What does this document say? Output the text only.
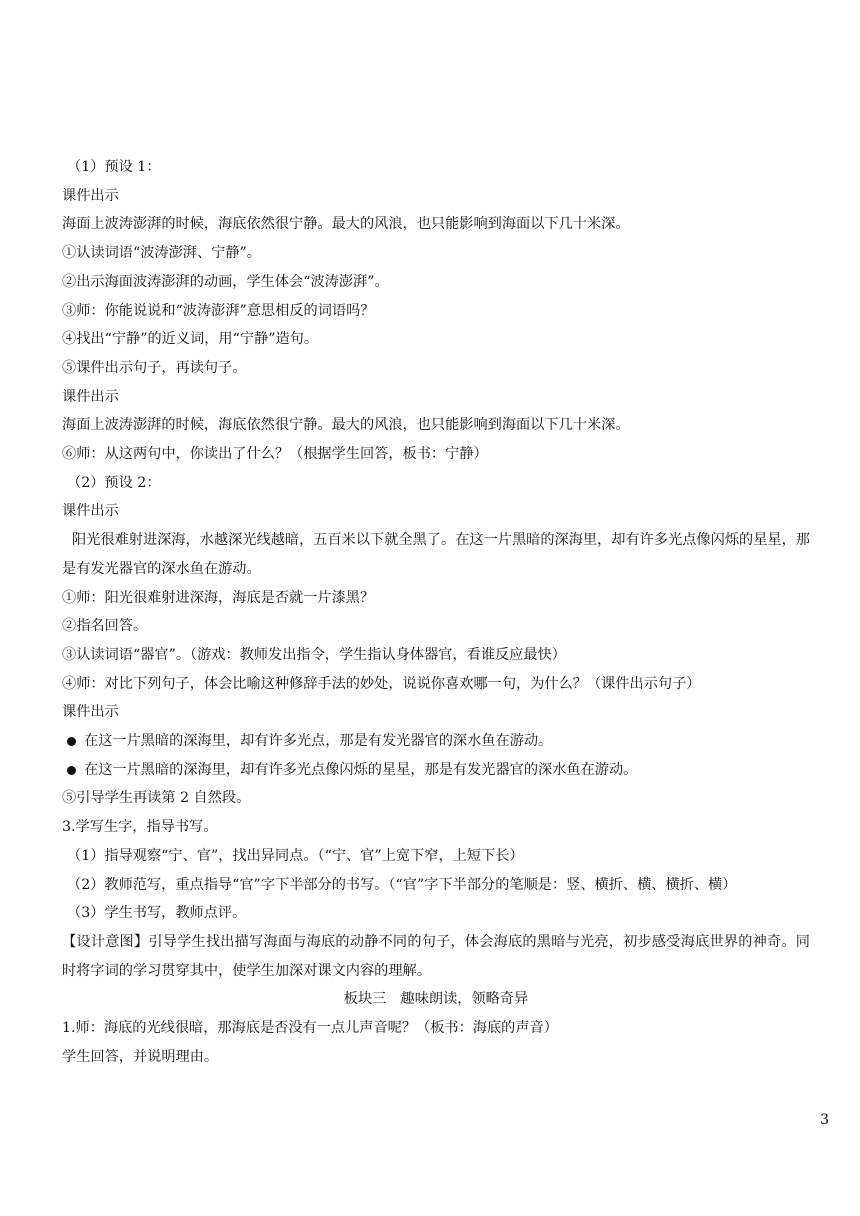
（1）预设 1：
课件出示
海面上波涛澎湃的时候，海底依然很宁静。最大的风浪，也只能影响到海面以下几十米深。
①认读词语“波涛澎湃、宁静”。
②出示海面波涛澎湃的动画，学生体会“波涛澎湃”。
③师：你能说说和“波涛澎湃”意思相反的词语吗？
④找出“宁静”的近义词，用“宁静”造句。
⑤课件出示句子，再读句子。
课件出示
海面上波涛澎湃的时候，海底依然很宁静。最大的风浪，也只能影响到海面以下几十米深。
⑥师：从这两句中，你读出了什么？（根据学生回答，板书：宁静）
（2）预设 2：
课件出示
阳光很难射进深海，水越深光线越暗，五百米以下就全黑了。在这一片黑暗的深海里，却有许多光点像闪烁的星星，那是有发光器官的深水鱼在游动。
①师：阳光很难射进深海，海底是否就一片漆黑？
②指名回答。
③认读词语“器官”。（游戏：教师发出指令，学生指认身体器官，看谁反应最快）
④师：对比下列句子，体会比喻这种修辞手法的妙处，说说你喜欢哪一句，为什么？（课件出示句子）
课件出示
在这一片黑暗的深海里，却有许多光点，那是有发光器官的深水鱼在游动。
在这一片黑暗的深海里，却有许多光点像闪烁的星星，那是有发光器官的深水鱼在游动。
⑤引导学生再读第 2 自然段。
3.学写生字，指导书写。
（1）指导观察“宁、官”，找出异同点。（“宁、官”上宽下窄，上短下长）
（2）教师范写，重点指导“官”字下半部分的书写。（“官”字下半部分的笔顺是：竖、横折、横、横折、横）
（3）学生书写，教师点评。
【设计意图】引导学生找出描写海面与海底的动静不同的句子，体会海底的黑暗与光亮，初步感受海底世界的神奇。同时将字词的学习贯穿其中，使学生加深对课文内容的理解。
板块三　趣味朗读，领略奇异
1.师：海底的光线很暗，那海底是否没有一点儿声音呢？（板书：海底的声音）
学生回答，并说明理由。
3
